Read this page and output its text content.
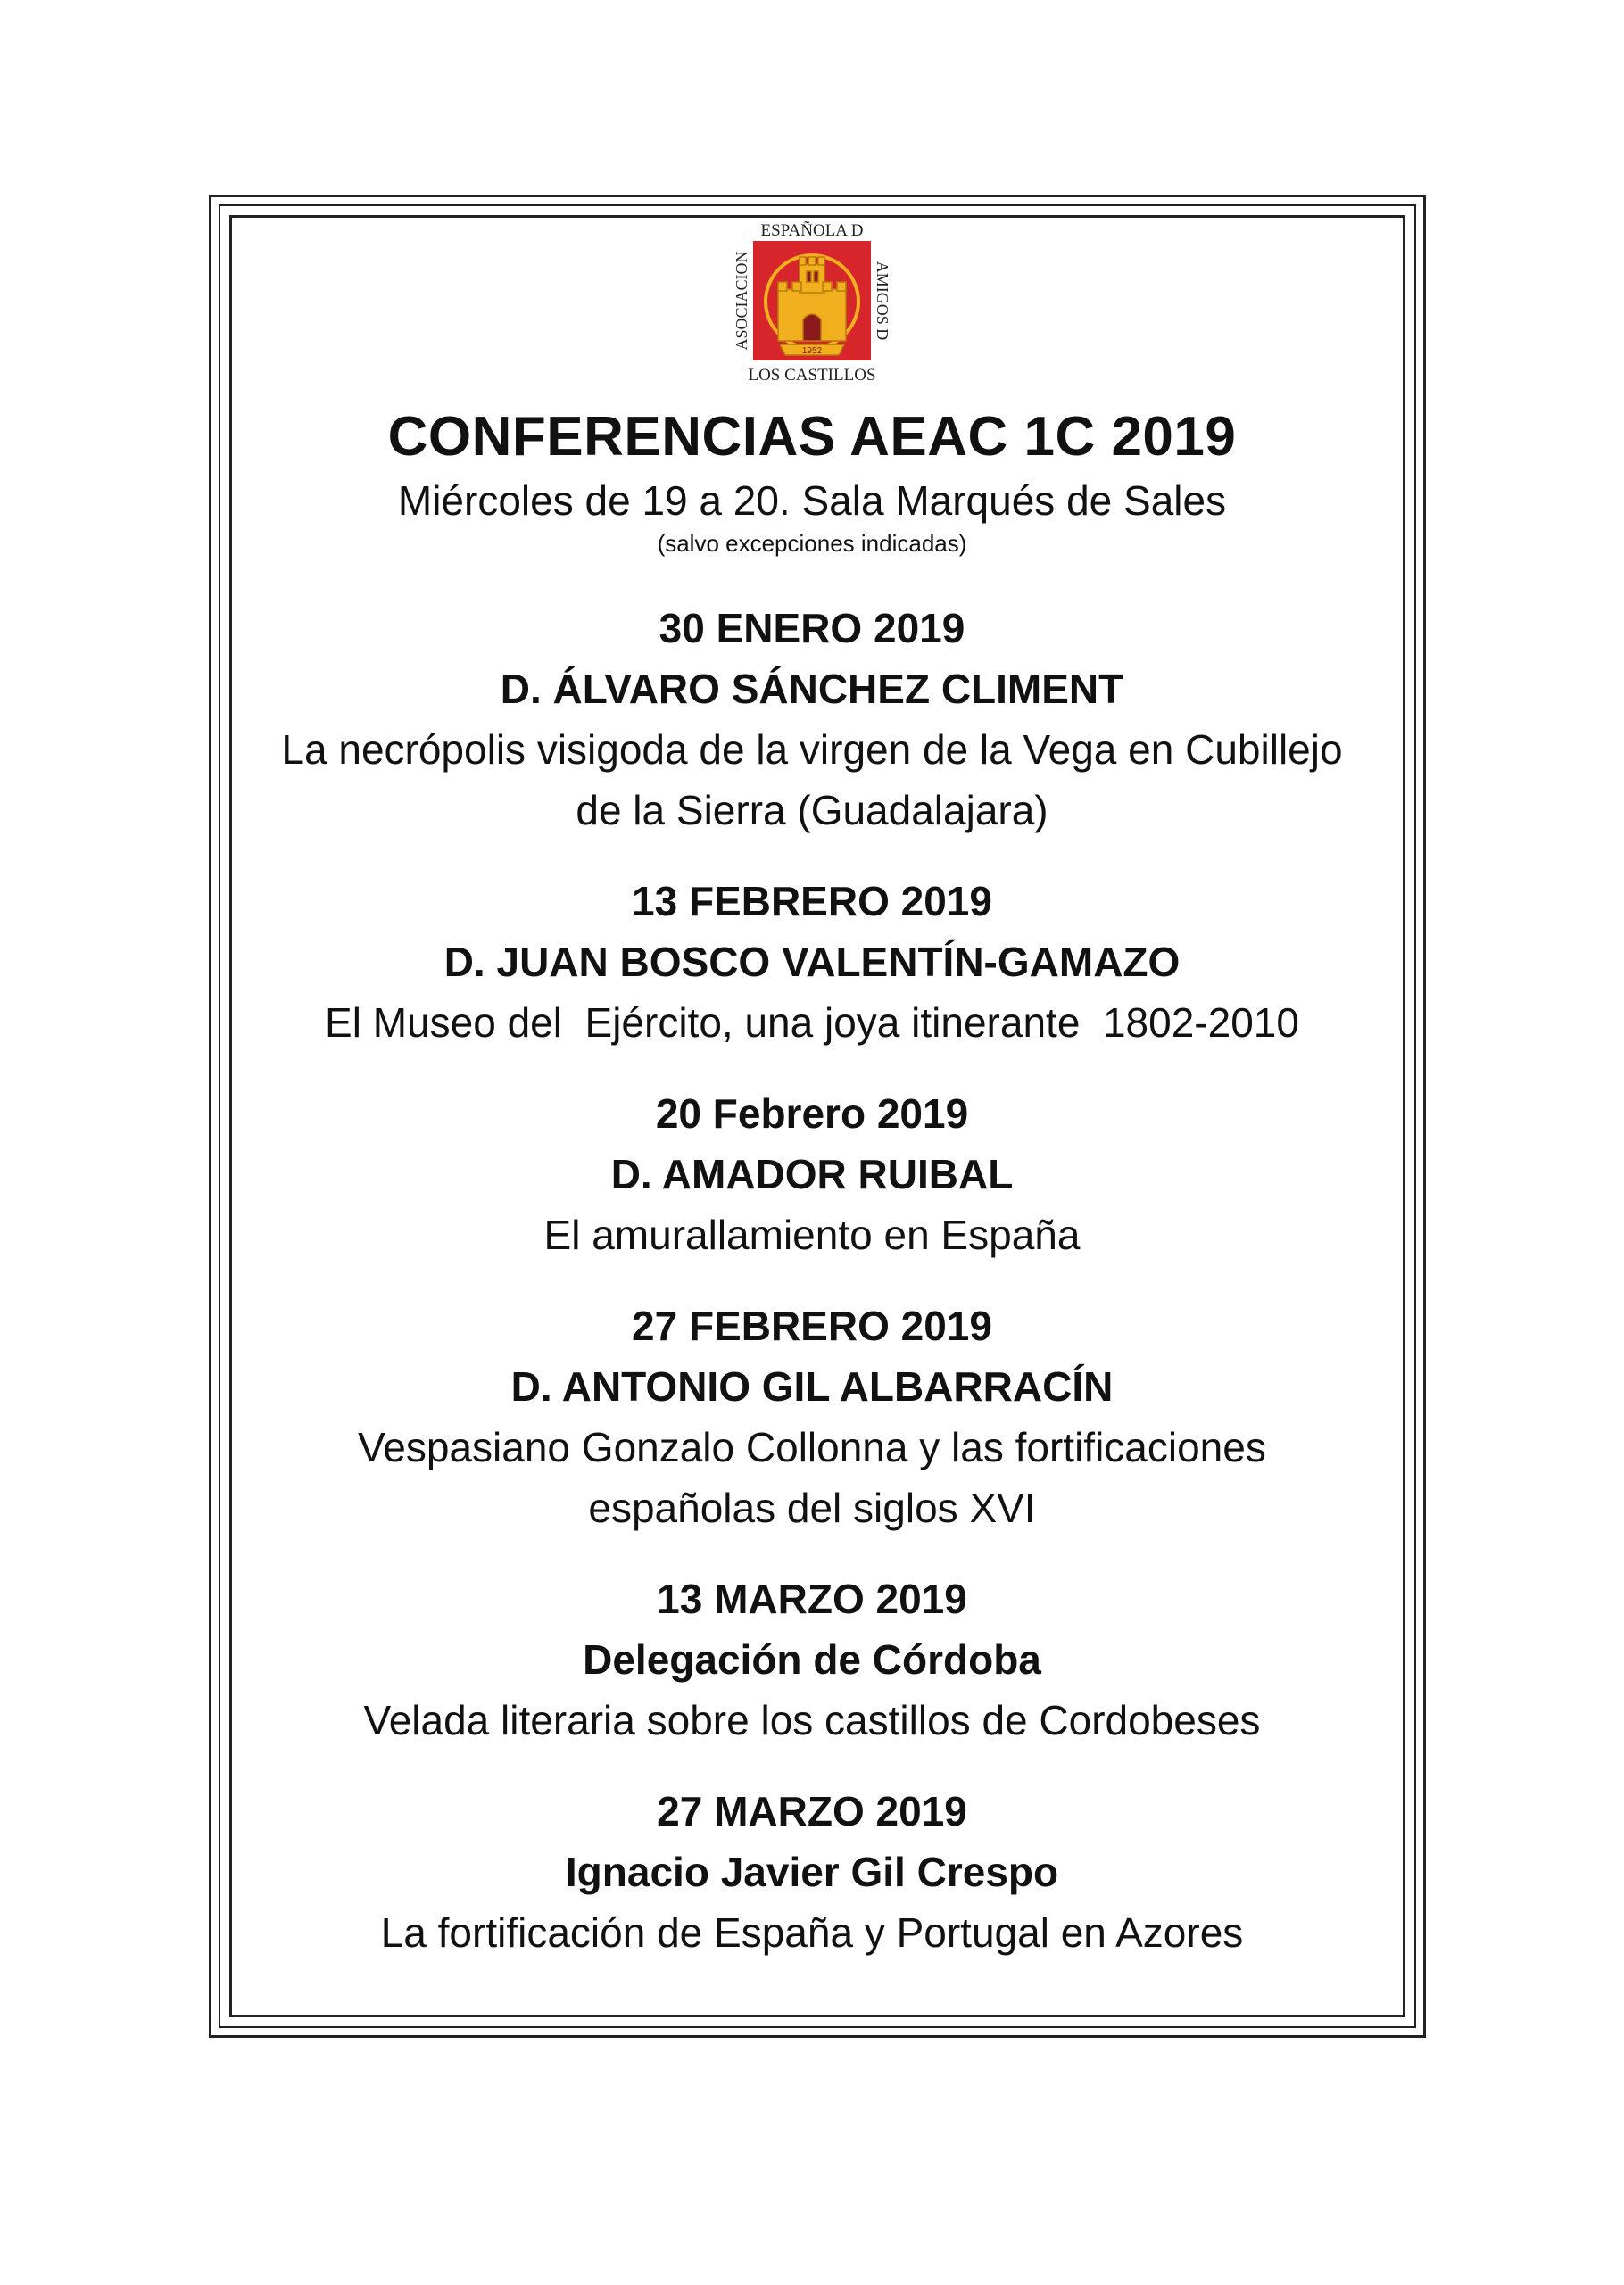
ESPAÑOLA D
ASOCIACION	AMIGOS D
LOS CASTILLOS
1952
CONFERENCIAS AEAC 1C 2019
Miércoles de 19 a 20. Sala Marqués de Sales
(salvo excepciones indicadas)
30 ENERO 2019
D. ÁLVARO SÁNCHEZ CLIMENT
La necrópolis visigoda de la virgen de la Vega en Cubillejo
de la Sierra (Guadalajara)
13 FEBRERO 2019
D. JUAN BOSCO VALENTÍN-GAMAZO
El Museo del  Ejército, una joya itinerante  1802-2010
20 Febrero 2019
D. AMADOR RUIBAL
El amurallamiento en España
27 FEBRERO 2019
D. ANTONIO GIL ALBARRACÍN
Vespasiano Gonzalo Collonna y las fortificaciones
españolas del siglos XVI
13 MARZO 2019
Delegación de Córdoba
Velada literaria sobre los castillos de Cordobeses
27 MARZO 2019
Ignacio Javier Gil Crespo
La fortificación de España y Portugal en Azores
